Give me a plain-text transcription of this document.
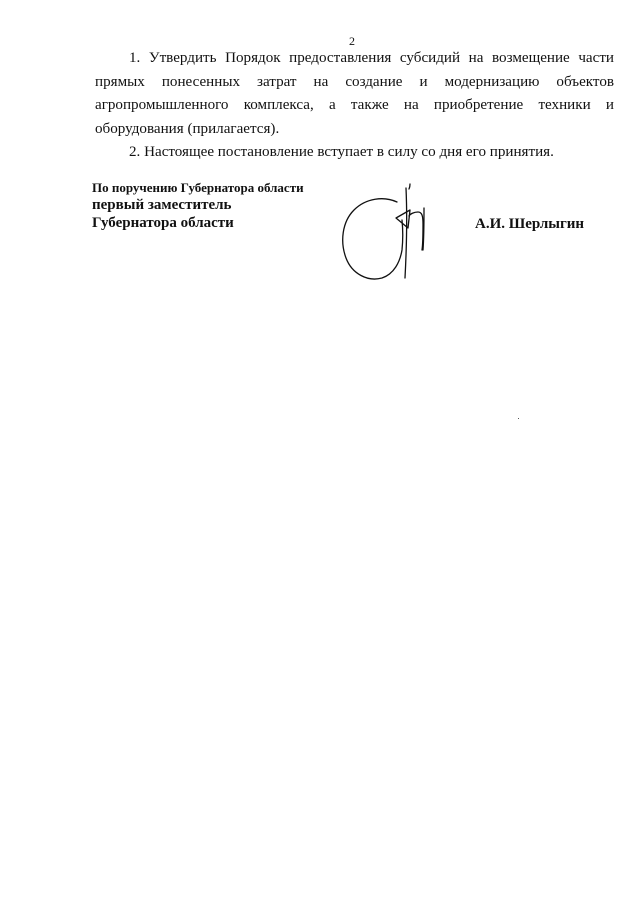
2

1. Утвердить Порядок предоставления субсидий на возмещение части прямых понесенных затрат на создание и модернизацию объектов агропромышленного комплекса, а также на приобретение техники и оборудования (прилагается).

2. Настоящее постановление вступает в силу со дня его принятия.

По поручению Губернатора области
первый заместитель
Губернатора области	А.И. Шерлыгин
